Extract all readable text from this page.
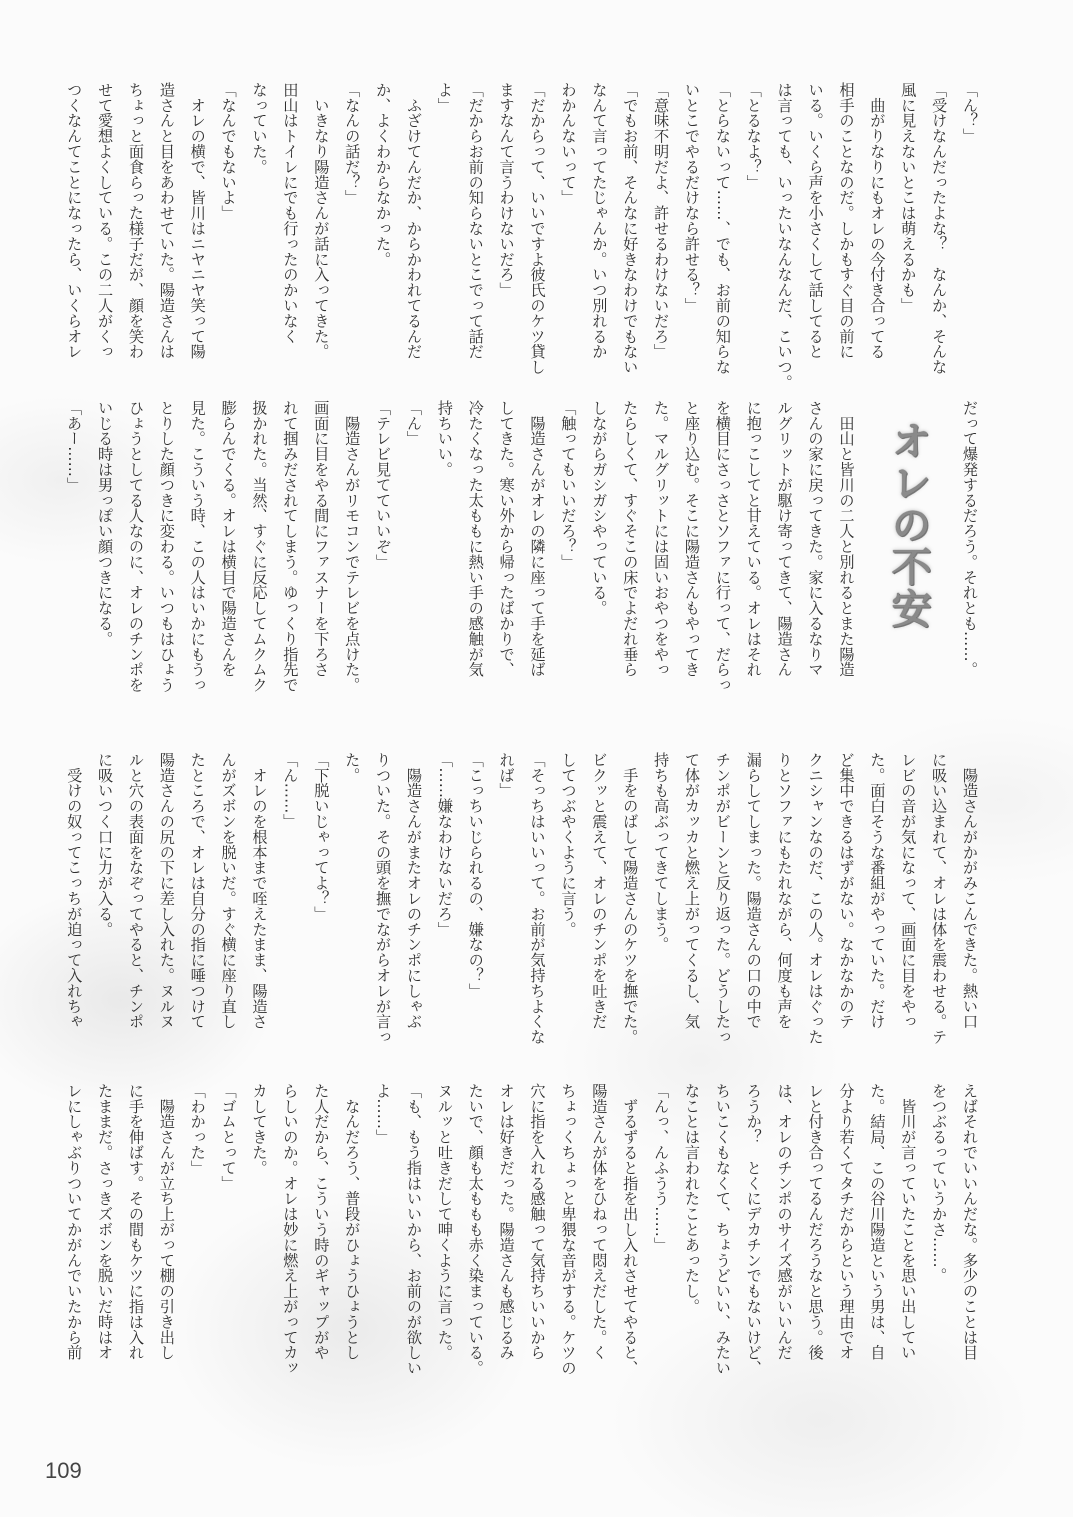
「ん？」
「受けなんだったよな？　なんか、そんな
風に見えないとこは萌えるかも」
　曲がりなりにもオレの今付き合ってる
相手のことなのだ。しかもすぐ目の前に
いる。いくら声を小さくして話してると
は言っても、いったいなんなんだ、こいつ。
「とるなよ？」
「とらないって……、でも、お前の知らな
いとこでやるだけなら許せる？」
「意味不明だよ、許せるわけないだろ」
「でもお前、そんなに好きなわけでもない
なんて言ってたじゃんか。いつ別れるか
わかんないって」
「だからって、いいですよ彼氏のケツ貸し
ますなんて言うわけないだろ」
「だからお前の知らないとこでって話だ
よ」
　ふざけてんだか、からかわれてるんだ
か、よくわからなかった。
「なんの話だ？」
　いきなり陽造さんが話に入ってきた。
田山はトイレにでも行ったのかいなく
なっていた。
「なんでもないよ」
　オレの横で、皆川はニヤニヤ笑って陽
造さんと目をあわせていた。陽造さんは
ちょっと面食らった様子だが、顔を笑わ
せて愛想よくしている。この二人がくっ
つくなんてことになったら、いくらオレ
だって爆発するだろう。それとも……。
オレの不安
　田山と皆川の二人と別れるとまた陽造
さんの家に戻ってきた。家に入るなりマ
ルグリットが駆け寄ってきて、陽造さん
に抱っこしてと甘えている。オレはそれ
を横目にさっさとソファに行って、だらっ
と座り込む。そこに陽造さんもやってき
た。マルグリットには固いおやつをやっ
たらしくて、すぐそこの床でよだれ垂ら
しながらガシガシやっている。
「触ってもいいだろ？」
　陽造さんがオレの隣に座って手を延ば
してきた。寒い外から帰ったばかりで、
冷たくなった太ももに熱い手の感触が気
持ちいい。
「ん」
「テレビ見てていいぞ」
　陽造さんがリモコンでテレビを点けた。
画面に目をやる間にファスナーを下ろさ
れて掴みだされてしまう。ゆっくり指先で
扱かれた。当然、すぐに反応してムクムク
膨らんでくる。オレは横目で陽造さんを
見た。こういう時、この人はいかにもうっ
とりした顔つきに変わる。いつもはひょう
ひょうとしてる人なのに、オレのチンポを
いじる時は男っぽい顔つきになる。
「あー……」
　陽造さんがかがみこんできた。熱い口
に吸い込まれて、オレは体を震わせる。テ
レビの音が気になって、画面に目をやっ
た。面白そうな番組がやっていた。だけ
ど集中できるはずがない。なかなかのテ
クニシャンなのだ、この人。オレはぐった
りとソファにもたれながら、何度も声を
漏らしてしまった。陽造さんの口の中で
チンポがビーンと反り返った。どうしたっ
て体がカッカと燃え上がってくるし、気
持ちも高ぶってきてしまう。
　手をのばして陽造さんのケツを撫でた。
ビクッと震えて、オレのチンポを吐きだ
してつぶやくように言う。
「そっちはいいって。お前が気持ちよくな
れば」
「こっちいじられるの、嫌なの？」
「……嫌なわけないだろ」
　陽造さんがまたオレのチンポにしゃぶ
りついた。その頭を撫でながらオレが言っ
た。
「下脱いじゃってよ？」
「ん……」
　オレのを根本まで咥えたまま、陽造さ
んがズボンを脱いだ。すぐ横に座り直し
たところで、オレは自分の指に唾つけて
陽造さんの尻の下に差し入れた。ヌルヌ
ルと穴の表面をなぞってやると、チンポ
に吸いつく口に力が入る。
　受けの奴ってこっちが迫って入れちゃ
えばそれでいいんだな。多少のことは目
をつぶるっていうかさ……。
　皆川が言っていたことを思い出してい
た。結局、この谷川陽造という男は、自
分より若くてタチだからという理由でオ
レと付き合ってるんだろうなと思う。後
は、オレのチンポのサイズ感がいいんだ
ろうか？　とくにデカチンでもないけど、
ちいこくもなくて、ちょうどいい、みたい
なことは言われたことあったし。
「んっ、んふうう……」
　ずるずると指を出し入れさせてやると、
陽造さんが体をひねって悶えだした。く
ちょっくちょっと卑猥な音がする。ケツの
穴に指を入れる感触って気持ちいいから
オレは好きだった。陽造さんも感じるみ
たいで、顔も太ももも赤く染まっている。
ヌルッと吐きだして呻くように言った。
「も、もう指はいいから、お前のが欲しい
よ……」
　なんだろう、普段がひょうひょうとし
た人だから、こういう時のギャップがや
らしいのか。オレは妙に燃え上がってカッ
カしてきた。
「ゴムとって」
「わかった」
　陽造さんが立ち上がって棚の引き出し
に手を伸ばす。その間もケツに指は入れ
たままだ。さっきズボンを脱いだ時はオ
レにしゃぶりついてかがんでいたから前
109
